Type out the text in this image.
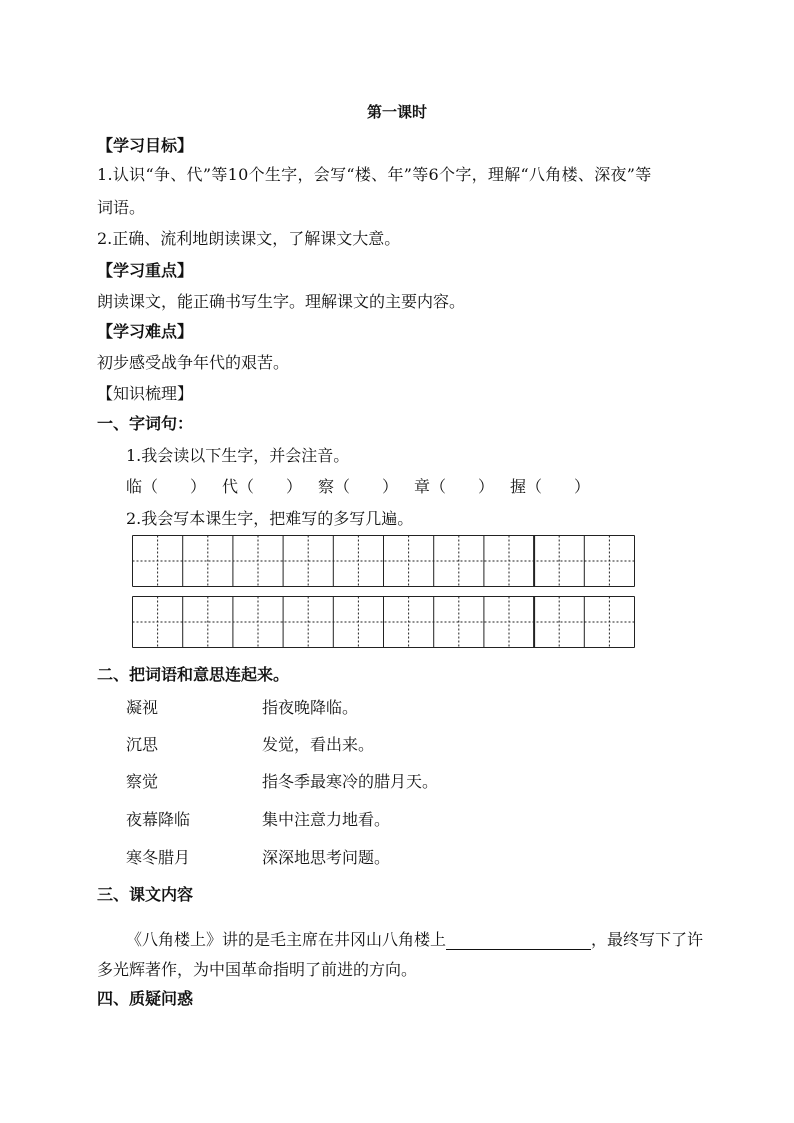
第一课时
【学习目标】
1.认识“争、代”等10个生字，会写“楼、年”等6个字，理解“八角楼、深夜”等
词语。
2.正确、流利地朗读课文，了解课文大意。
【学习重点】
朗读课文，能正确书写生字。理解课文的主要内容。
【学习难点】
初步感受战争年代的艰苦。
【知识梳理】
一、字词句：
1.我会读以下生字，并会注音。
临（　　） 代（　　） 察（　　） 章（　　） 握（　　）
2.我会写本课生字，把难写的多写几遍。
二、把词语和意思连起来。
凝视
沉思
察觉
夜幕降临
寒冬腊月
指夜晚降临。
发觉，看出来。
指冬季最寒冷的腊月天。
集中注意力地看。
深深地思考问题。
三、课文内容
《八角楼上》讲的是毛主席在井冈山八角楼上	，最终写下了许
多光辉著作，为中国革命指明了前进的方向。
四、质疑问惑
